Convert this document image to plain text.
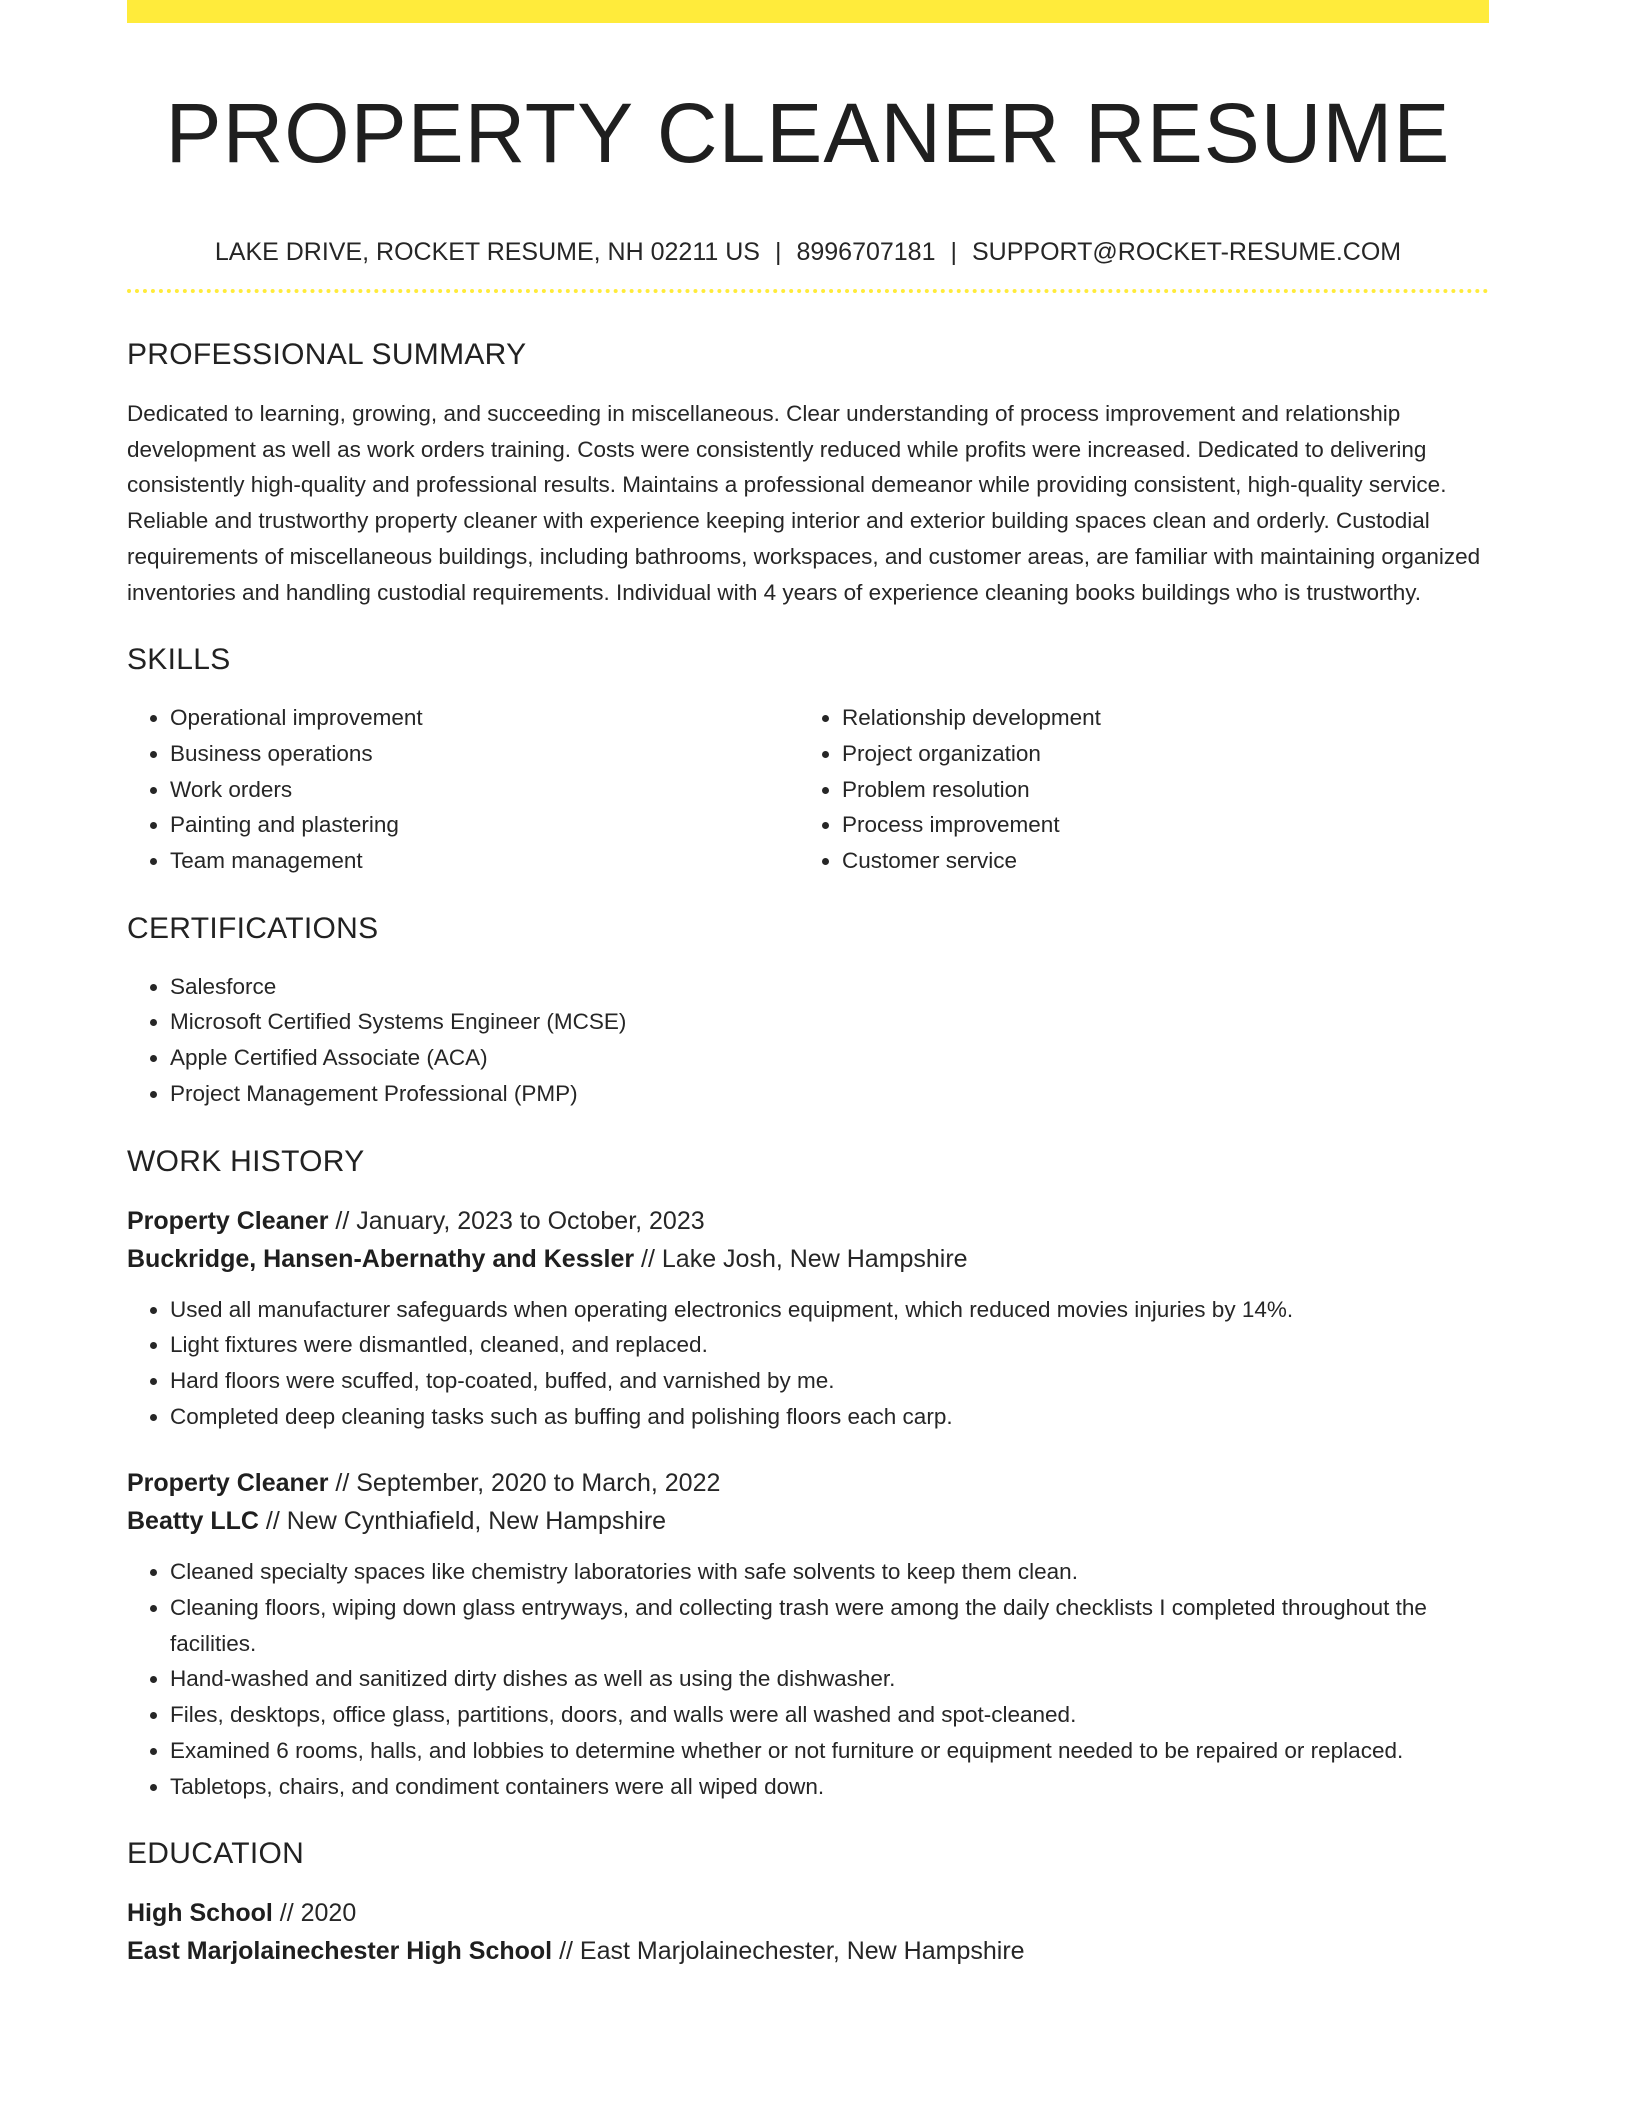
PROPERTY CLEANER RESUME
LAKE DRIVE, ROCKET RESUME, NH 02211 US | 8996707181 | SUPPORT@ROCKET-RESUME.COM
PROFESSIONAL SUMMARY

Dedicated to learning, growing, and succeeding in miscellaneous. Clear understanding of process improvement and relationship development as well as work orders training. Costs were consistently reduced while profits were increased. Dedicated to delivering consistently high-quality and professional results. Maintains a professional demeanor while providing consistent, high-quality service. Reliable and trustworthy property cleaner with experience keeping interior and exterior building spaces clean and orderly. Custodial requirements of miscellaneous buildings, including bathrooms, workspaces, and customer areas, are familiar with maintaining organized inventories and handling custodial requirements. Individual with 4 years of experience cleaning books buildings who is trustworthy.

SKILLS
• Operational improvement
• Business operations
• Work orders
• Painting and plastering
• Team management
• Relationship development
• Project organization
• Problem resolution
• Process improvement
• Customer service
CERTIFICATIONS
• Salesforce
• Microsoft Certified Systems Engineer (MCSE)
• Apple Certified Associate (ACA)
• Project Management Professional (PMP)
WORK HISTORY
Property Cleaner // January, 2023 to October, 2023
Buckridge, Hansen-Abernathy and Kessler // Lake Josh, New Hampshire
• Used all manufacturer safeguards when operating electronics equipment, which reduced movies injuries by 14%.
• Light fixtures were dismantled, cleaned, and replaced.
• Hard floors were scuffed, top-coated, buffed, and varnished by me.
• Completed deep cleaning tasks such as buffing and polishing floors each carp.
Property Cleaner // September, 2020 to March, 2022
Beatty LLC // New Cynthiafield, New Hampshire
• Cleaned specialty spaces like chemistry laboratories with safe solvents to keep them clean.
• Cleaning floors, wiping down glass entryways, and collecting trash were among the daily checklists I completed throughout the facilities.
• Hand-washed and sanitized dirty dishes as well as using the dishwasher.
• Files, desktops, office glass, partitions, doors, and walls were all washed and spot-cleaned.
• Examined 6 rooms, halls, and lobbies to determine whether or not furniture or equipment needed to be repaired or replaced.
• Tabletops, chairs, and condiment containers were all wiped down.
EDUCATION
High School // 2020
East Marjolainechester High School // East Marjolainechester, New Hampshire
